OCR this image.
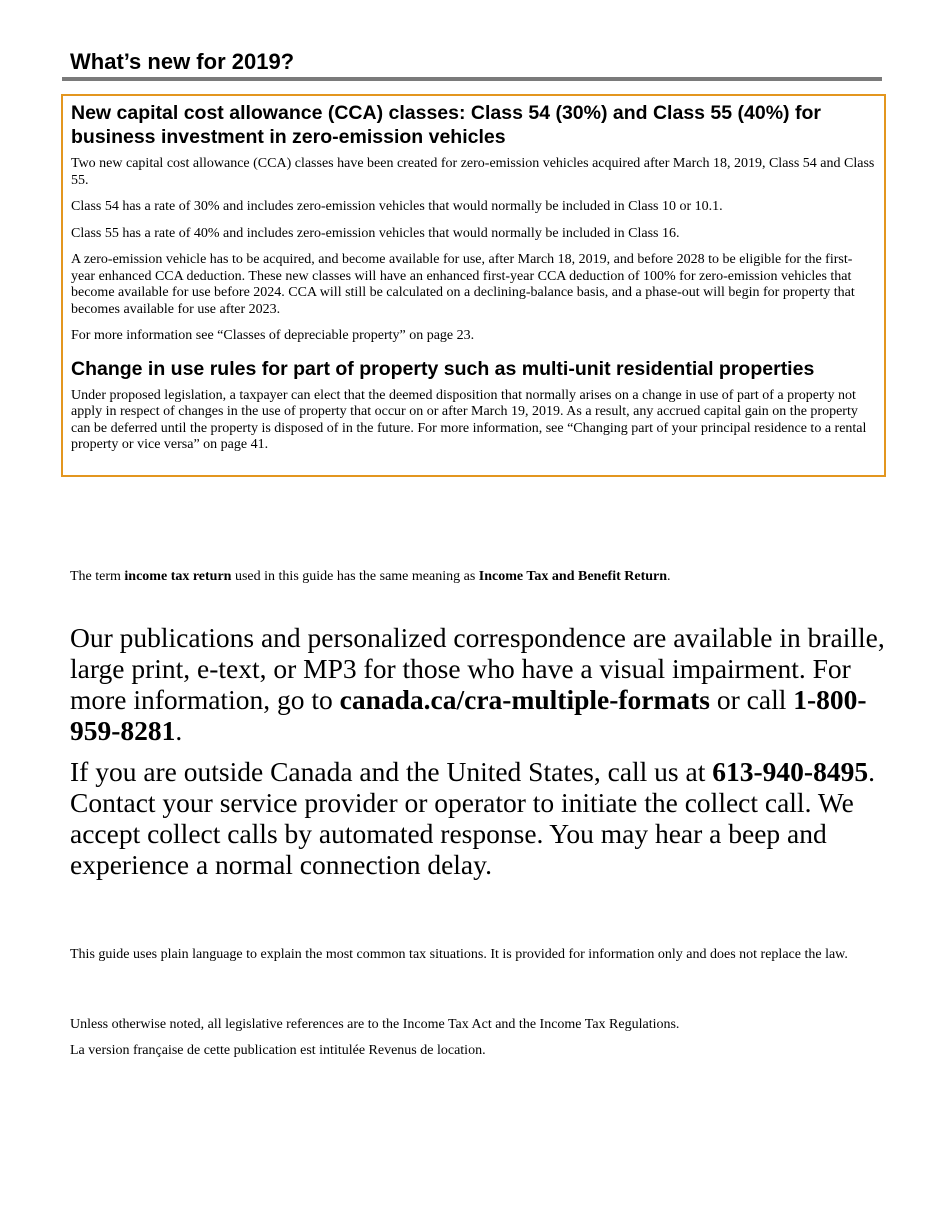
What’s new for 2019?
New capital cost allowance (CCA) classes: Class 54 (30%) and Class 55 (40%) for business investment in zero-emission vehicles

Two new capital cost allowance (CCA) classes have been created for zero-emission vehicles acquired after March 18, 2019, Class 54 and Class 55.

Class 54 has a rate of 30% and includes zero-emission vehicles that would normally be included in Class 10 or 10.1.

Class 55 has a rate of 40% and includes zero-emission vehicles that would normally be included in Class 16.

A zero-emission vehicle has to be acquired, and become available for use, after March 18, 2019, and before 2028 to be eligible for the first-year enhanced CCA deduction. These new classes will have an enhanced first-year CCA deduction of 100% for zero-emission vehicles that become available for use before 2024. CCA will still be calculated on a declining-balance basis, and a phase-out will begin for property that becomes available for use after 2023.

For more information see “Classes of depreciable property” on page 23.

Change in use rules for part of property such as multi-unit residential properties

Under proposed legislation, a taxpayer can elect that the deemed disposition that normally arises on a change in use of part of a property not apply in respect of changes in the use of property that occur on or after March 19, 2019. As a result, any accrued capital gain on the property can be deferred until the property is disposed of in the future. For more information, see “Changing part of your principal residence to a rental property or vice versa” on page 41.

The term income tax return used in this guide has the same meaning as Income Tax and Benefit Return.

Our publications and personalized correspondence are available in braille, large print, e-text, or MP3 for those who have a visual impairment. For more information, go to canada.ca/cra-multiple-formats or call 1-800-959-8281.

If you are outside Canada and the United States, call us at 613-940-8495. Contact your service provider or operator to initiate the collect call. We accept collect calls by automated response. You may hear a beep and experience a normal connection delay.

This guide uses plain language to explain the most common tax situations. It is provided for information only and does not replace the law.

Unless otherwise noted, all legislative references are to the Income Tax Act and the Income Tax Regulations.

La version française de cette publication est intitulée Revenus de location.
